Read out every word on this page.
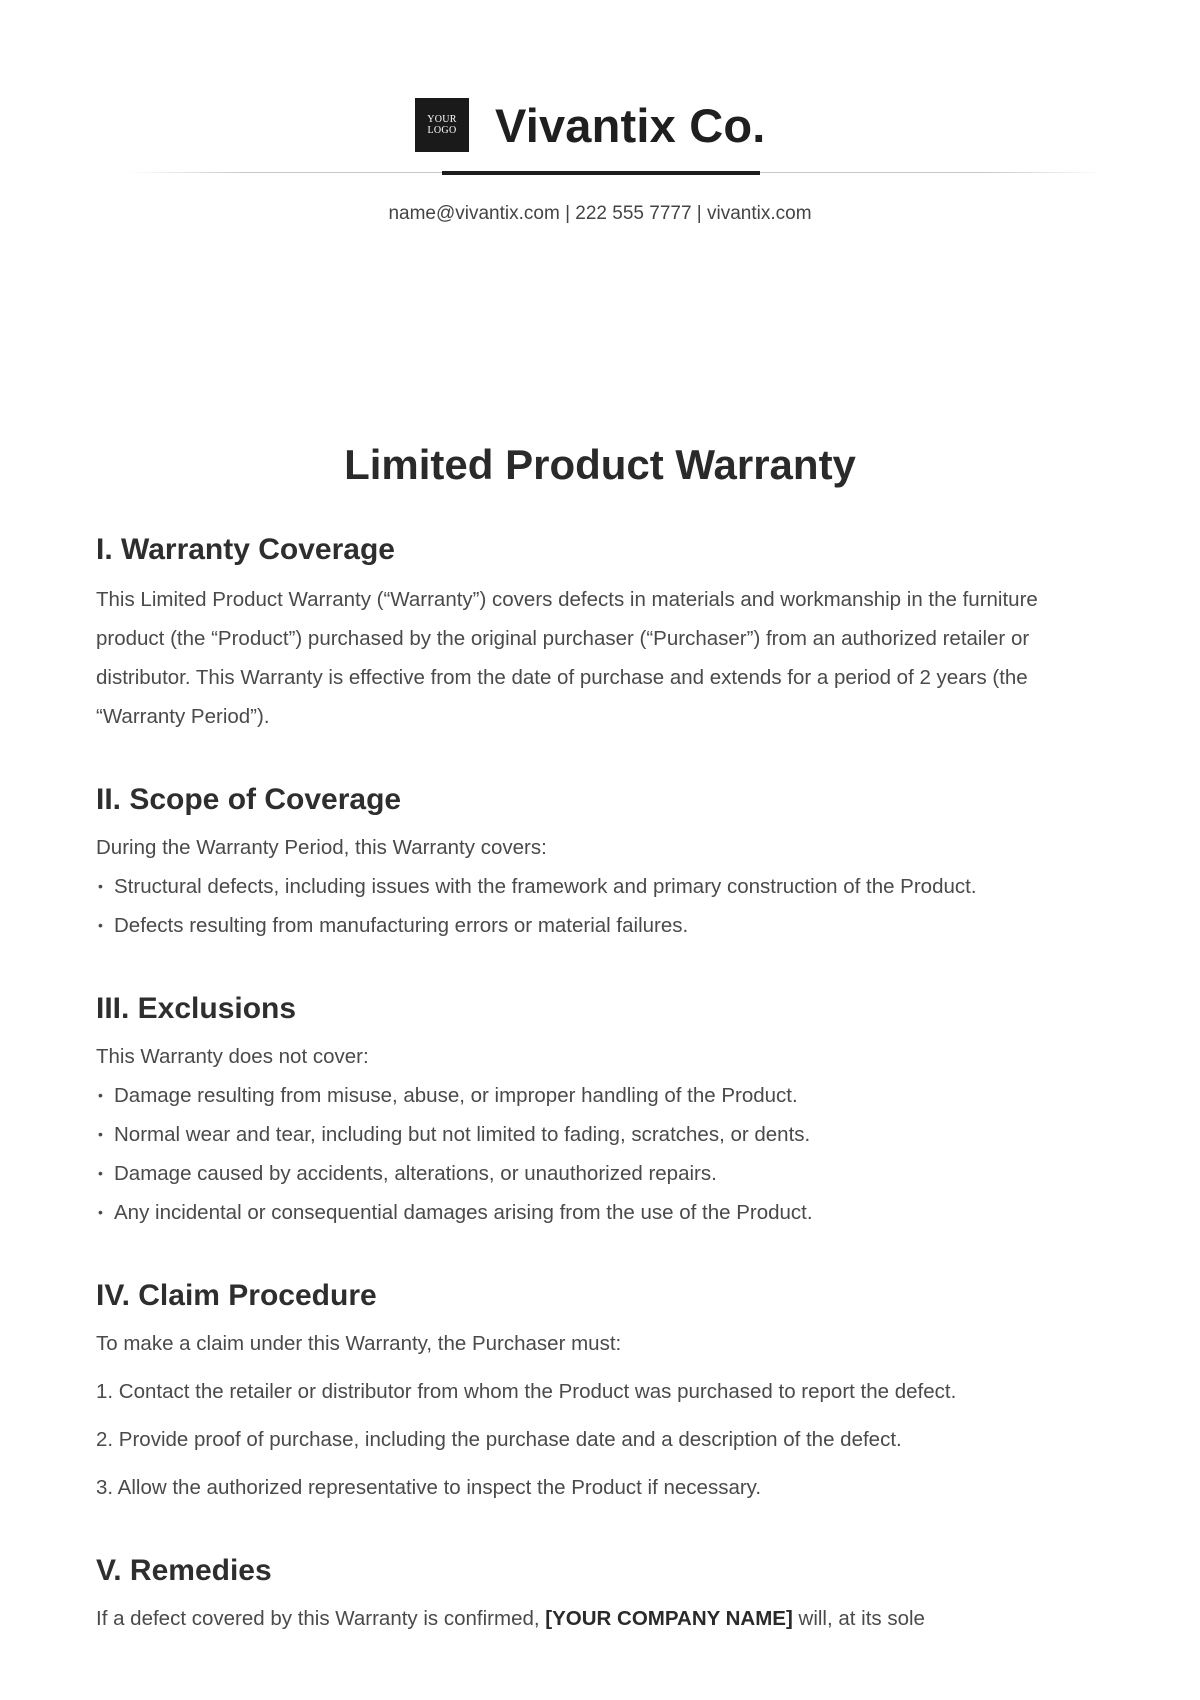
YOUR
LOGO Vivantix Co.
name@vivantix.com | 222 555 7777 | vivantix.com
Limited Product Warranty
I. Warranty Coverage

This Limited Product Warranty (“Warranty”) covers defects in materials and workmanship in the furniture product (the “Product”) purchased by the original purchaser (“Purchaser”) from an authorized retailer or distributor. This Warranty is effective from the date of purchase and extends for a period of 2 years (the “Warranty Period”).

II. Scope of Coverage

During the Warranty Period, this Warranty covers:

• Structural defects, including issues with the framework and primary construction of the Product.
• Defects resulting from manufacturing errors or material failures.
III. Exclusions

This Warranty does not cover:

• Damage resulting from misuse, abuse, or improper handling of the Product.
• Normal wear and tear, including but not limited to fading, scratches, or dents.
• Damage caused by accidents, alterations, or unauthorized repairs.
• Any incidental or consequential damages arising from the use of the Product.
IV. Claim Procedure

To make a claim under this Warranty, the Purchaser must:

1. Contact the retailer or distributor from whom the Product was purchased to report the defect.
2. Provide proof of purchase, including the purchase date and a description of the defect.
3. Allow the authorized representative to inspect the Product if necessary.
V. Remedies

If a defect covered by this Warranty is confirmed, [YOUR COMPANY NAME] will, at its sole
